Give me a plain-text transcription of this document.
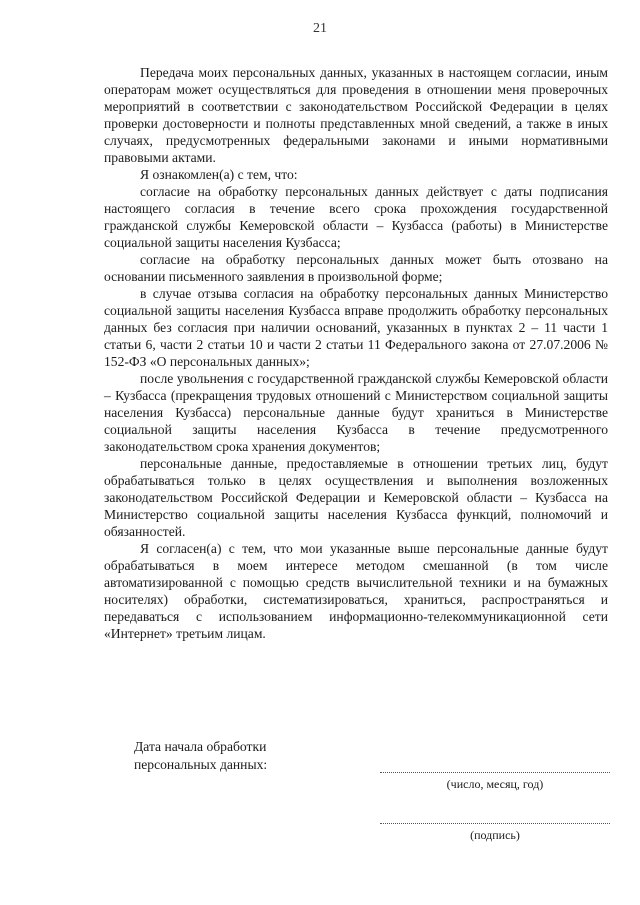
21

Передача моих персональных данных, указанных в настоящем согласии, иным операторам может осуществляться для проведения в отношении меня проверочных мероприятий в соответствии с законодательством Российской Федерации в целях проверки достоверности и полноты представленных мной сведений, а также в иных случаях, предусмотренных федеральными законами и иными нормативными правовыми актами.

Я ознакомлен(а) с тем, что:

согласие на обработку персональных данных действует с даты подписания настоящего согласия в течение всего срока прохождения государственной гражданской службы Кемеровской области – Кузбасса (работы) в Министерстве социальной защиты населения Кузбасса;

согласие на обработку персональных данных может быть отозвано на основании письменного заявления в произвольной форме;

в случае отзыва согласия на обработку персональных данных Министерство социальной защиты населения Кузбасса вправе продолжить обработку персональных данных без согласия при наличии оснований, указанных в пунктах 2 – 11 части 1 статьи 6, части 2 статьи 10 и части 2 статьи 11 Федерального закона от 27.07.2006 № 152-ФЗ «О персональных данных»;

после увольнения с государственной гражданской службы Кемеровской области – Кузбасса (прекращения трудовых отношений с Министерством социальной защиты населения Кузбасса) персональные данные будут храниться в Министерстве социальной защиты населения Кузбасса в течение предусмотренного законодательством срока хранения документов;

персональные данные, предоставляемые в отношении третьих лиц, будут обрабатываться только в целях осуществления и выполнения возложенных законодательством Российской Федерации и Кемеровской области – Кузбасса на Министерство социальной защиты населения Кузбасса функций, полномочий и обязанностей.

Я согласен(а) с тем, что мои указанные выше персональные данные будут обрабатываться в моем интересе методом смешанной (в том числе автоматизированной с помощью средств вычислительной техники и на бумажных носителях) обработки, систематизироваться, храниться, распространяться и передаваться с использованием информационно-телекоммуникационной сети «Интернет» третьим лицам.

Дата начала обработки персональных данных:
(число, месяц, год)
(подпись)
